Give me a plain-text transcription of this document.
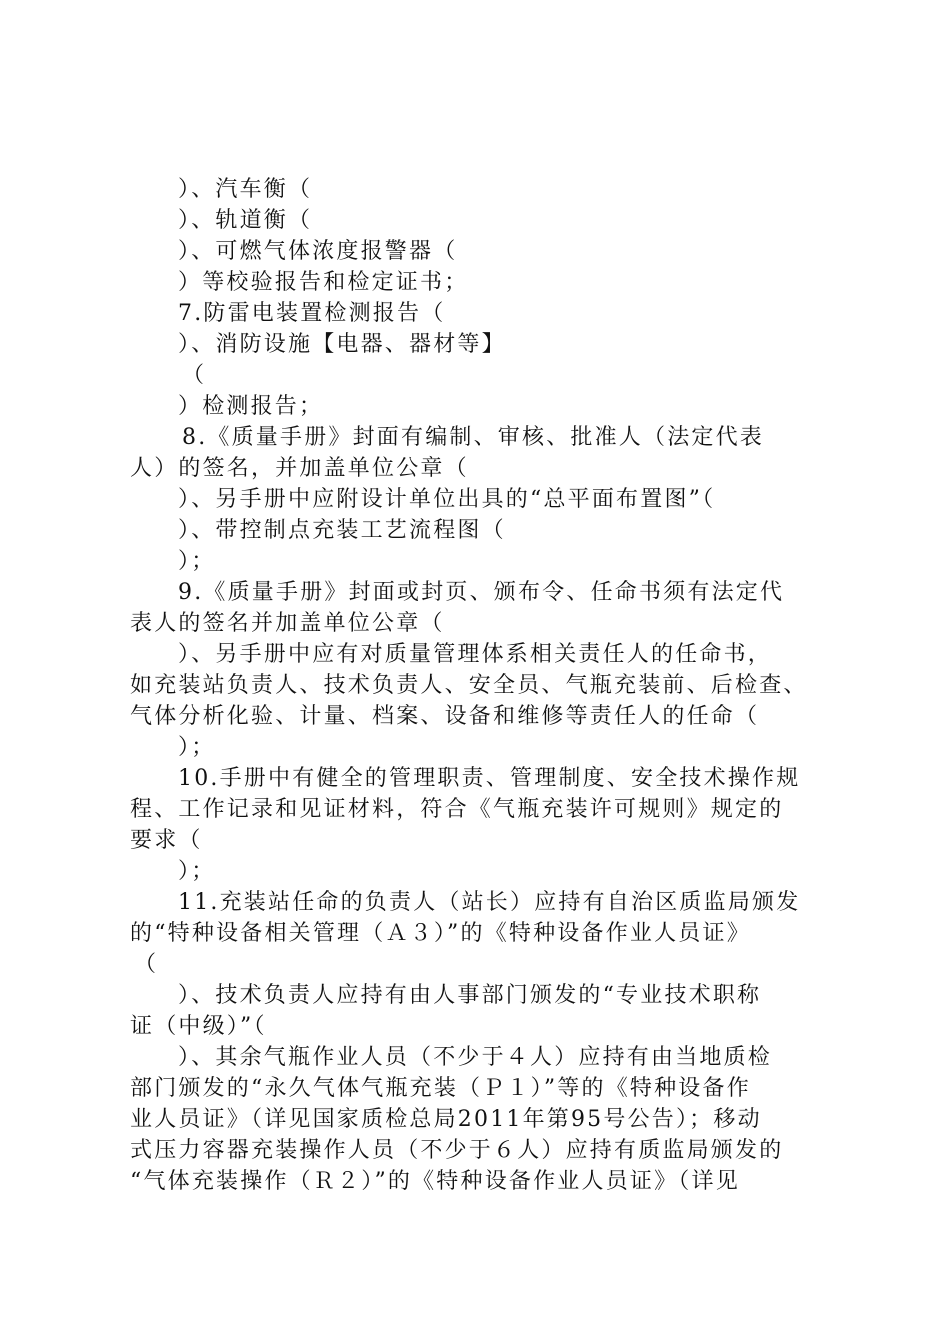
）、汽车衡（
）、轨道衡（
）、可燃气体浓度报警器（
）等校验报告和检定证书；
7.防雷电装置检测报告（
）、消防设施【电器、器材等】
（
）检测报告；
8.《质量手册》封面有编制、审核、批准人（法定代表
人）的签名，并加盖单位公章（
）、另手册中应附设计单位出具的“总平面布置图”（
）、带控制点充装工艺流程图（
）；
9.《质量手册》封面或封页、颁布令、任命书须有法定代
表人的签名并加盖单位公章（
）、另手册中应有对质量管理体系相关责任人的任命书，
如充装站负责人、技术负责人、安全员、气瓶充装前、后检查、
气体分析化验、计量、档案、设备和维修等责任人的任命（
）；
10.手册中有健全的管理职责、管理制度、安全技术操作规
程、工作记录和见证材料，符合《气瓶充装许可规则》规定的
要求（
）；
11.充装站任命的负责人（站长）应持有自治区质监局颁发
的“特种设备相关管理（Ａ３）”的《特种设备作业人员证》
（
）、技术负责人应持有由人事部门颁发的“专业技术职称
证（中级）”（
）、其余气瓶作业人员（不少于４人）应持有由当地质检
部门颁发的“永久气体气瓶充装（Ｐ１）”等的《特种设备作
业人员证》（详见国家质检总局2011年第95号公告）；移动
式压力容器充装操作人员（不少于６人）应持有质监局颁发的
“气体充装操作（Ｒ２）”的《特种设备作业人员证》（详见
